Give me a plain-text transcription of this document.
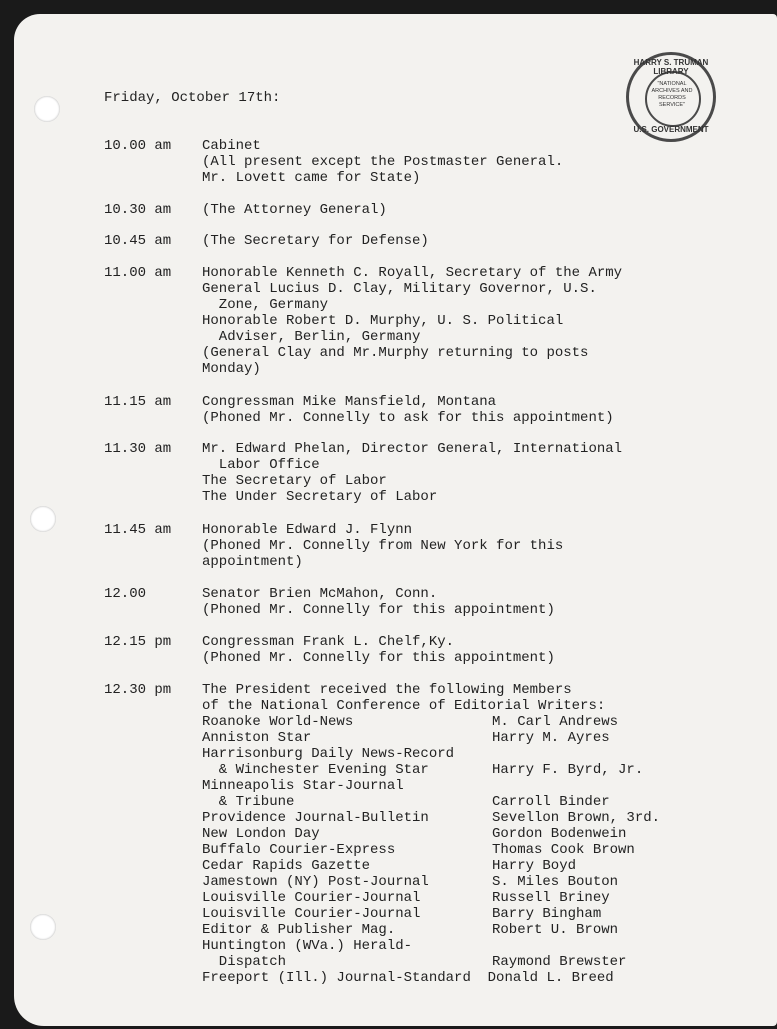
HARRY S. TRUMAN LIBRARY
"NATIONAL
ARCHIVES AND
RECORDS
SERVICE"
U.S. GOVERNMENT
Friday, October 17th:
10.00 am Cabinet
(All present except the Postmaster General.
Mr. Lovett came for State)
10.30 am (The Attorney General)
10.45 am (The Secretary for Defense)
11.00 am Honorable Kenneth C. Royall, Secretary of the Army
General Lucius D. Clay, Military Governor, U.S.
Zone, Germany
Honorable Robert D. Murphy, U. S. Political
Adviser, Berlin, Germany
(General Clay and Mr.Murphy returning to posts
Monday)
11.15 am Congressman Mike Mansfield, Montana
(Phoned Mr. Connelly to ask for this appointment)
11.30 am Mr. Edward Phelan, Director General, International
Labor Office
The Secretary of Labor
The Under Secretary of Labor
11.45 am Honorable Edward J. Flynn
(Phoned Mr. Connelly from New York for this
appointment)
12.00	Senator Brien McMahon, Conn.
(Phoned Mr. Connelly for this appointment)
12.15 pm Congressman Frank L. Chelf,Ky.
(Phoned Mr. Connelly for this appointment)
12.30 pm The President received the following Members
of the National Conference of Editorial Writers:
Roanoke World-News	M. Carl Andrews
Anniston Star	Harry M. Ayres
Harrisonburg Daily News-Record
& Winchester Evening Star	Harry F. Byrd, Jr.
Minneapolis Star-Journal
& Tribune	Carroll Binder
Providence Journal-Bulletin	Sevellon Brown, 3rd.
New London Day	Gordon Bodenwein
Buffalo Courier-Express	Thomas Cook Brown
Cedar Rapids Gazette	Harry Boyd
Jamestown (NY) Post-Journal	S. Miles Bouton
Louisville Courier-Journal	Russell Briney
Louisville Courier-Journal	Barry Bingham
Editor & Publisher Mag.	Robert U. Brown
Huntington (WVa.) Herald-
Dispatch	Raymond Brewster
Freeport (Ill.) Journal-Standard  Donald L. Breed
